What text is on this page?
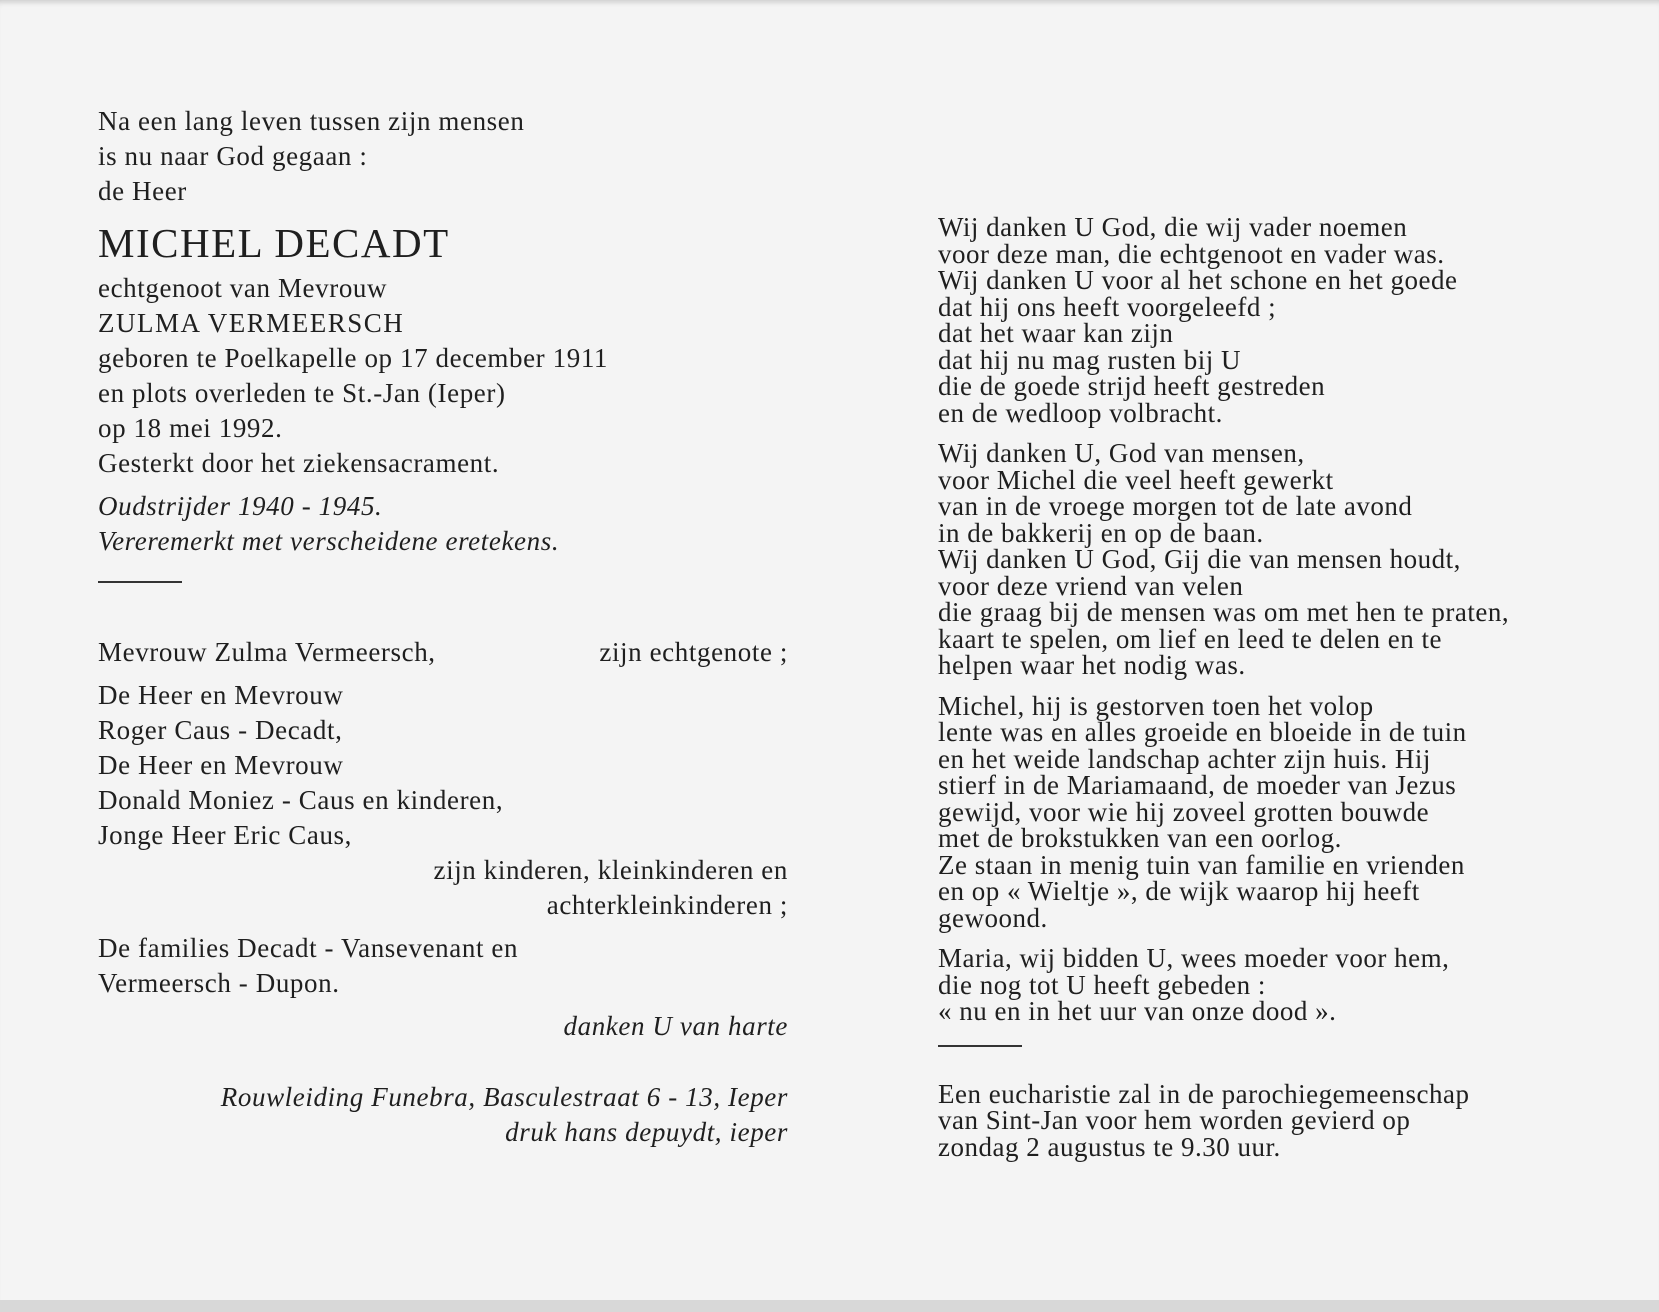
Na een lang leven tussen zijn mensen
is nu naar God gegaan :
de Heer
MICHEL DECADT
echtgenoot van Mevrouw
ZULMA VERMEERSCH
geboren te Poelkapelle op 17 december 1911
en plots overleden te St.-Jan (Ieper)
op 18 mei 1992.
Gesterkt door het ziekensacrament.
Oudstrijder 1940 - 1945.
Vereremerkt met verscheidene eretekens.
Mevrouw Zulma Vermeersch,	zijn echtgenote ;
De Heer en Mevrouw
Roger Caus - Decadt,
De Heer en Mevrouw
Donald Moniez - Caus en kinderen,
Jonge Heer Eric Caus,
zijn kinderen, kleinkinderen en
achterkleinkinderen ;
De families Decadt - Vansevenant en
Vermeersch - Dupon.
danken U van harte
Rouwleiding Funebra, Basculestraat 6 - 13, Ieper
druk hans depuydt, ieper
Wij danken U God, die wij vader noemen
voor deze man, die echtgenoot en vader was.
Wij danken U voor al het schone en het goede
dat hij ons heeft voorgeleefd ;
dat het waar kan zijn
dat hij nu mag rusten bij U
die de goede strijd heeft gestreden
en de wedloop volbracht.
Wij danken U, God van mensen,
voor Michel die veel heeft gewerkt
van in de vroege morgen tot de late avond
in de bakkerij en op de baan.
Wij danken U God, Gij die van mensen houdt,
voor deze vriend van velen
die graag bij de mensen was om met hen te praten,
kaart te spelen, om lief en leed te delen en te
helpen waar het nodig was.
Michel, hij is gestorven toen het volop
lente was en alles groeide en bloeide in de tuin
en het weide landschap achter zijn huis. Hij
stierf in de Mariamaand, de moeder van Jezus
gewijd, voor wie hij zoveel grotten bouwde
met de brokstukken van een oorlog.
Ze staan in menig tuin van familie en vrienden
en op « Wieltje », de wijk waarop hij heeft
gewoond.
Maria, wij bidden U, wees moeder voor hem,
die nog tot U heeft gebeden :
« nu en in het uur van onze dood ».
Een eucharistie zal in de parochiegemeenschap
van Sint-Jan voor hem worden gevierd op
zondag 2 augustus te 9.30 uur.
